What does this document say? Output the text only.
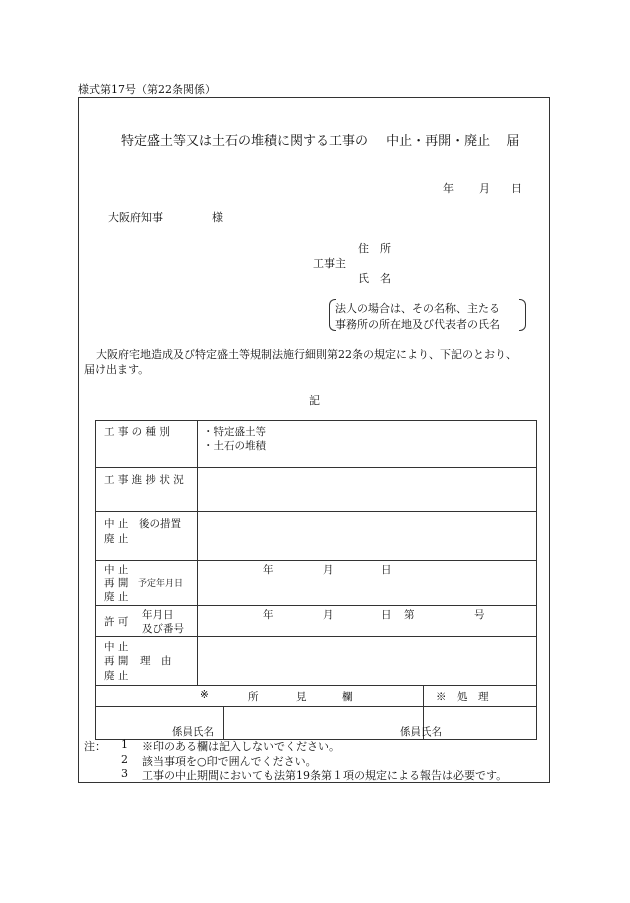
様式第17号（第22条関係）
特定盛土等又は土石の堆積に関する工事の 中止・再開・廃止 届
年 月 日
大阪府知事	様
住　所
工事主
氏　名
法人の場合は、その名称、主たる
事務所の所在地及び代表者の氏名
大阪府宅地造成及び特定盛土等規制法施行細則第22条の規定により、下記のとおり、
届け出ます。
記
工 事 の 種 別	・特定盛土等
・土石の堆積		

工 事 進 捗 状 況			

中 止 後の措置
廃 止			

中 止
再 開 予定年月日
廃 止	年 月 日		

許 可
年月日
及び番号	年 月 日 第 号		

中 止
再 開 理　由
廃 止			

※ 所 見 欄			※　処　理

係員氏名		係員氏名	

注： 1 ※印のある欄は記入しないでください。
2 該当事項を○印で囲んでください。
3 工事の中止期間においても法第19条第１項の規定による報告は必要です。
